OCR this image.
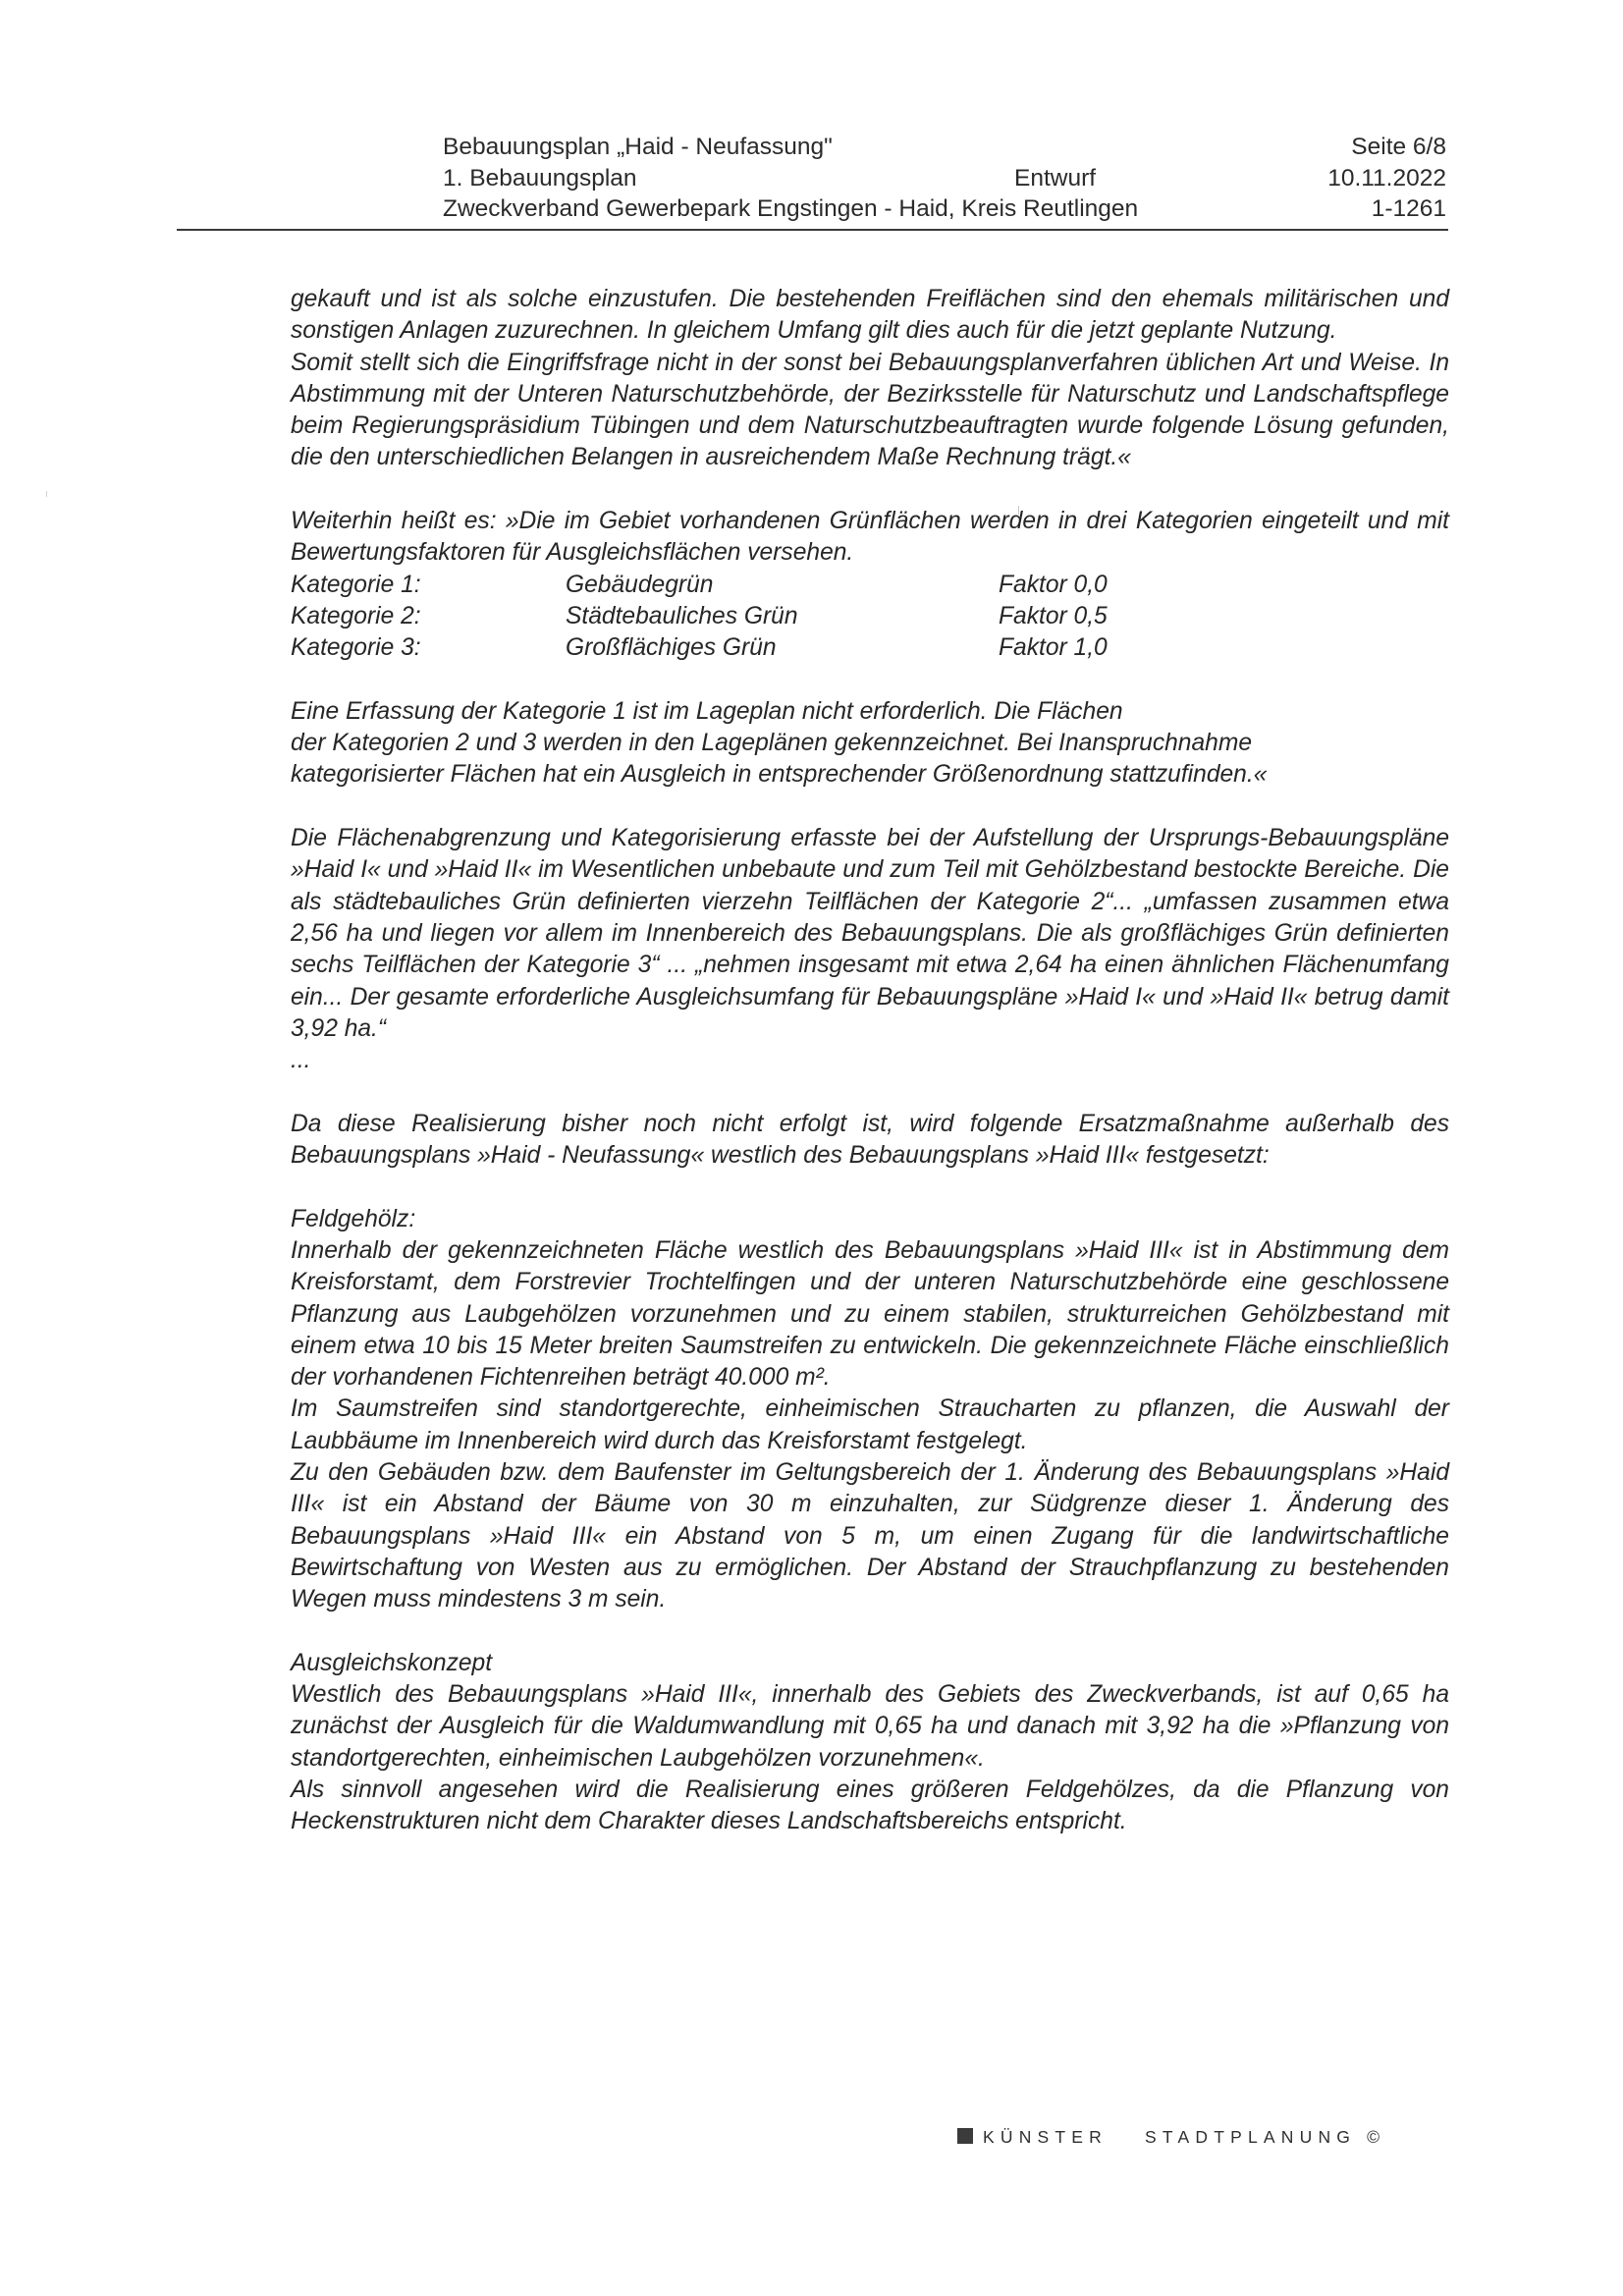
Bebauungsplan „Haid - Neufassung"	Seite 6/8
1. Bebauungsplan	Entwurf	10.11.2022
Zweckverband Gewerbepark Engstingen - Haid, Kreis Reutlingen	1-1261

gekauft und ist als solche einzustufen. Die bestehenden Freiflächen sind den ehemals militärischen und sonstigen Anlagen zuzurechnen. In gleichem Umfang gilt dies auch für die jetzt geplante Nutzung.

Somit stellt sich die Eingriffsfrage nicht in der sonst bei Bebauungsplanverfahren üblichen Art und Weise. In Abstimmung mit der Unteren Naturschutzbehörde, der Bezirksstelle für Naturschutz und Landschaftspflege beim Regierungspräsidium Tübingen und dem Naturschutzbeauftragten wurde folgende Lösung gefunden, die den unterschiedlichen Belangen in ausreichendem Maße Rechnung trägt.«

Weiterhin heißt es: »Die im Gebiet vorhandenen Grünflächen werden in drei Kategorien eingeteilt und mit Bewertungsfaktoren für Ausgleichsflächen versehen.

Kategorie 1:	Gebäudegrün	Faktor 0,0
Kategorie 2:	Städtebauliches Grün	Faktor 0,5
Kategorie 3:	Großflächiges Grün	Faktor 1,0

Eine Erfassung der Kategorie 1 ist im Lageplan nicht erforderlich. Die Flächen

der Kategorien 2 und 3 werden in den Lageplänen gekennzeichnet. Bei Inanspruchnahme

kategorisierter Flächen hat ein Ausgleich in entsprechender Größenordnung stattzufinden.«

Die Flächenabgrenzung und Kategorisierung erfasste bei der Aufstellung der Ursprungs-Bebauungspläne »Haid I« und »Haid II« im Wesentlichen unbebaute und zum Teil mit Gehölzbestand bestockte Bereiche. Die als städtebauliches Grün definierten vierzehn Teilflächen der Kategorie 2“... „umfassen zusammen etwa 2,56 ha und liegen vor allem im Innenbereich des Bebauungsplans. Die als großflächiges Grün definierten sechs Teilflächen der Kategorie 3“ ... „nehmen insgesamt mit etwa 2,64 ha einen ähnlichen Flächenumfang ein... Der gesamte erforderliche Ausgleichsumfang für Bebauungspläne »Haid I« und »Haid II« betrug damit 3,92 ha.“

...

Da diese Realisierung bisher noch nicht erfolgt ist, wird folgende Ersatzmaßnahme außerhalb des Bebauungsplans »Haid - Neufassung« westlich des Bebauungsplans »Haid III« festgesetzt:

Feldgehölz:

Innerhalb der gekennzeichneten Fläche westlich des Bebauungsplans »Haid III« ist in Abstimmung dem Kreisforstamt, dem Forstrevier Trochtelfingen und der unteren Naturschutzbehörde eine geschlossene Pflanzung aus Laubgehölzen vorzunehmen und zu einem stabilen, strukturreichen Gehölzbestand mit einem etwa 10 bis 15 Meter breiten Saumstreifen zu entwickeln. Die gekennzeichnete Fläche einschließlich der vorhandenen Fichtenreihen beträgt 40.000 m².

Im Saumstreifen sind standortgerechte, einheimischen Straucharten zu pflanzen, die Auswahl der Laubbäume im Innenbereich wird durch das Kreisforstamt festgelegt.

Zu den Gebäuden bzw. dem Baufenster im Geltungsbereich der 1. Änderung des Bebauungsplans »Haid III« ist ein Abstand der Bäume von 30 m einzuhalten, zur Südgrenze dieser 1. Änderung des Bebauungsplans »Haid III« ein Abstand von 5 m, um einen Zugang für die landwirtschaftliche Bewirtschaftung von Westen aus zu ermöglichen. Der Abstand der Strauchpflanzung zu bestehenden Wegen muss mindestens 3 m sein.

Ausgleichskonzept

Westlich des Bebauungsplans »Haid III«, innerhalb des Gebiets des Zweckverbands, ist auf 0,65 ha zunächst der Ausgleich für die Waldumwandlung mit 0,65 ha und danach mit 3,92 ha die »Pflanzung von standortgerechten, einheimischen Laubgehölzen vorzunehmen«.

Als sinnvoll angesehen wird die Realisierung eines größeren Feldgehölzes, da die Pflanzung von Heckenstrukturen nicht dem Charakter dieses Landschaftsbereichs entspricht.

KÜNSTER STADTPLANUNG ©
